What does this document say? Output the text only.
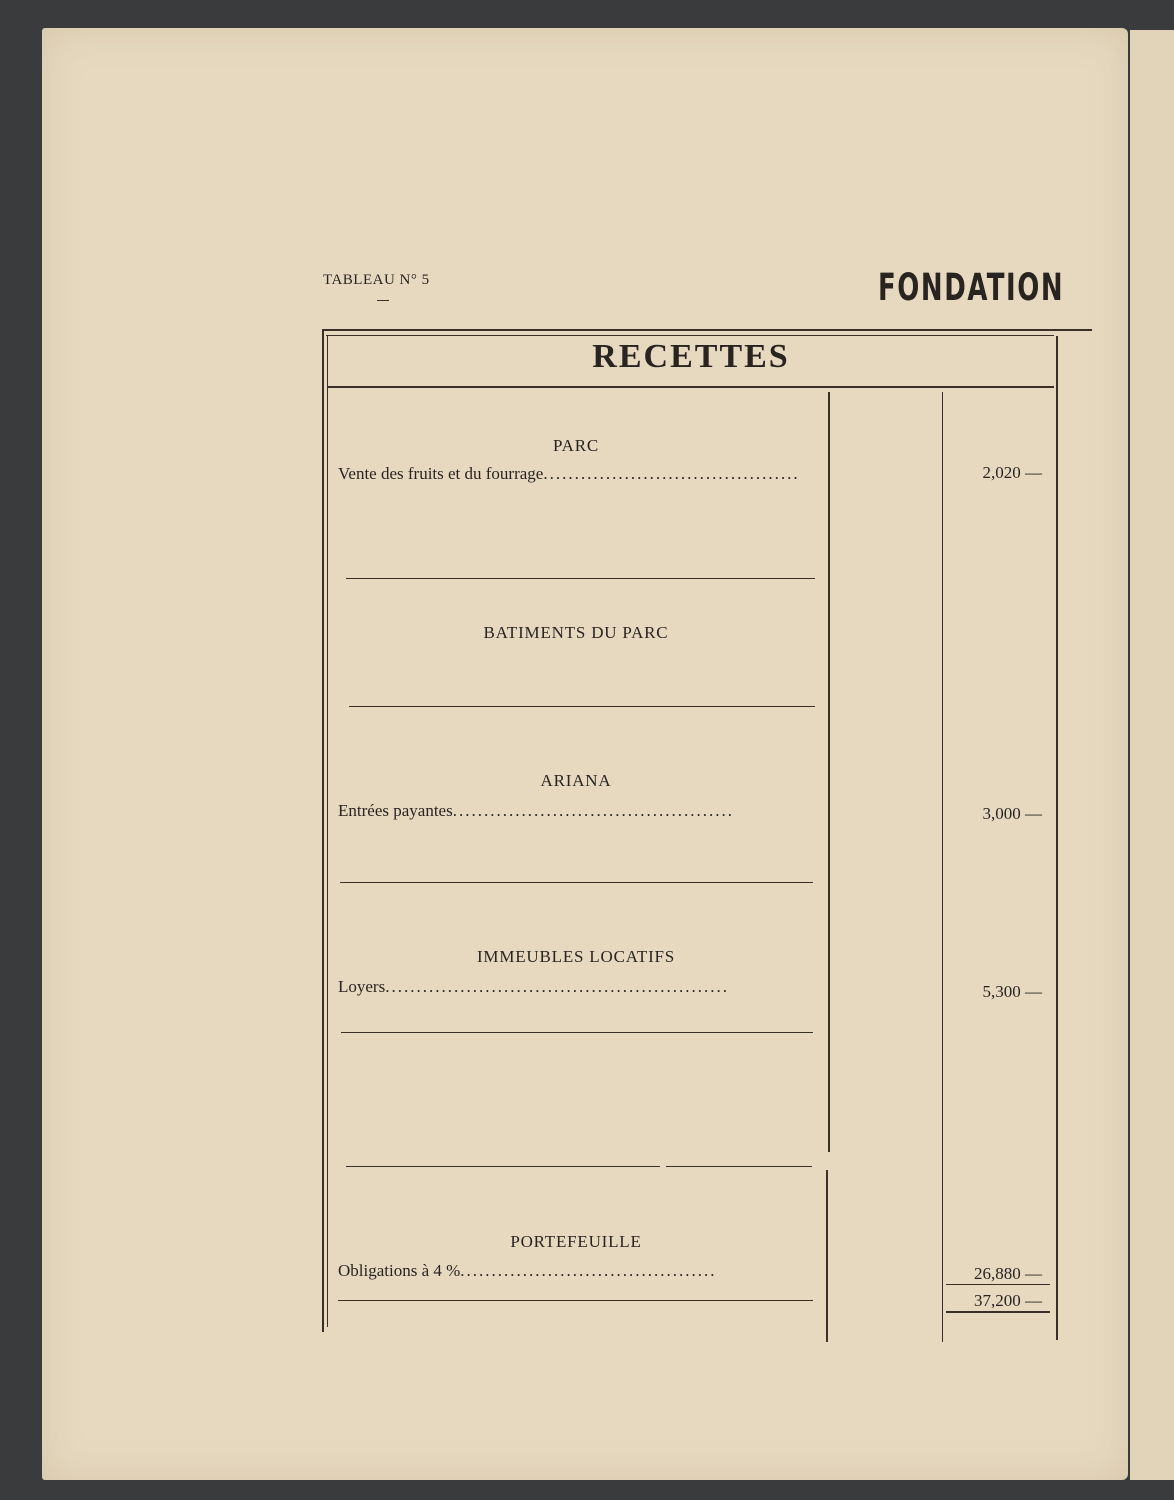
TABLEAU N° 5	FONDATION
RECETTES
PARC
Vente des fruits et du fourrage.........................................	2,020 —
BATIMENTS DU PARC
ARIANA
Entrées payantes.............................................	3,000 —
IMMEUBLES LOCATIFS
Loyers.......................................................	5,300 —
PORTEFEUILLE
Obligations à 4 %.........................................	26,880 —
37,200 —
